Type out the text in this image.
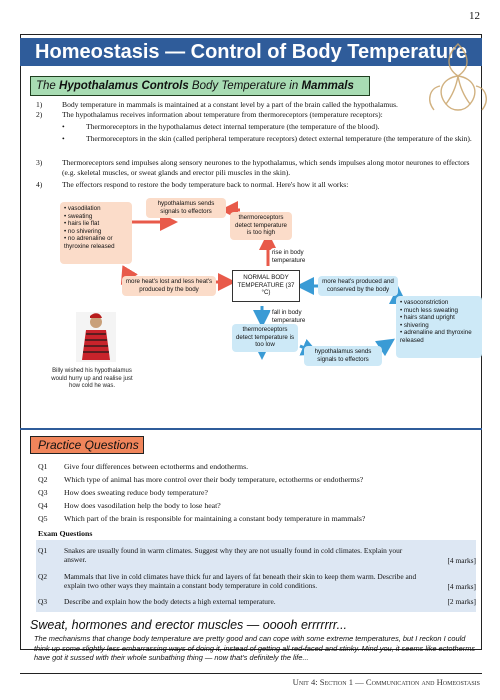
12
Homeostasis — Control of Body Temperature
The Hypothalamus Controls Body Temperature in Mammals
1)	Body temperature in mammals is maintained at a constant level by a part of the brain called the hypothalamus.
2)	The hypothalamus receives information about temperature from thermoreceptors (temperature receptors):
•	Thermoreceptors in the hypothalamus detect internal temperature (the temperature of the blood).
•	Thermoreceptors in the skin (called peripheral temperature receptors) detect external temperature (the temperature of the skin).
3)	Thermoreceptors send impulses along sensory neurones to the hypothalamus, which sends impulses along motor neurones to effectors (e.g. skeletal muscles, or sweat glands and erector pili muscles in the skin).
4)	The effectors respond to restore the body temperature back to normal. Here's how it all works:
• vasodilation
• sweating
• hairs lie flat
• no shivering
• no adrenaline or thyroxine released
hypothalamus sends signals to effectors
thermoreceptors detect temperature is too high
rise in body temperature
more heat's lost and less heat's produced by the body
NORMAL BODY TEMPERATURE (37 °C)
more heat's produced and conserved by the body
fall in body temperature
• vasoconstriction
• much less sweating
• hairs stand upright
• shivering
• adrenaline and thyroxine released
thermoreceptors detect temperature is too low
hypothalamus sends signals to effectors
Billy wished his hypothalamus would hurry up and realise just how cold he was.
Practice Questions
Q1 Give four differences between ectotherms and endotherms.
Q2 Which type of animal has more control over their body temperature, ectotherms or endotherms?
Q3 How does sweating reduce body temperature?
Q4 How does vasodilation help the body to lose heat?
Q5 Which part of the brain is responsible for maintaining a constant body temperature in mammals?
Exam Questions
Q1 Snakes are usually found in warm climates. Suggest why they are not usually found in cold climates. Explain your answer.	[4 marks]
Q2 Mammals that live in cold climates have thick fur and layers of fat beneath their skin to keep them warm. Describe and explain two other ways they maintain a constant body temperature in cold conditions.	[4 marks]
Q3 Describe and explain how the body detects a high external temperature.	[2 marks]
Sweat, hormones and erector muscles — ooooh errrrrrr...
The mechanisms that change body temperature are pretty good and can cope with some extreme temperatures, but I reckon I could think up some slightly less embarrassing ways of doing it, instead of getting all red-faced and stinky. Mind you, it seems like ectotherms have got it sussed with their whole sunbathing thing — now that's definitely the life...
Unit 4: Section 1 — Communication and Homeostasis
